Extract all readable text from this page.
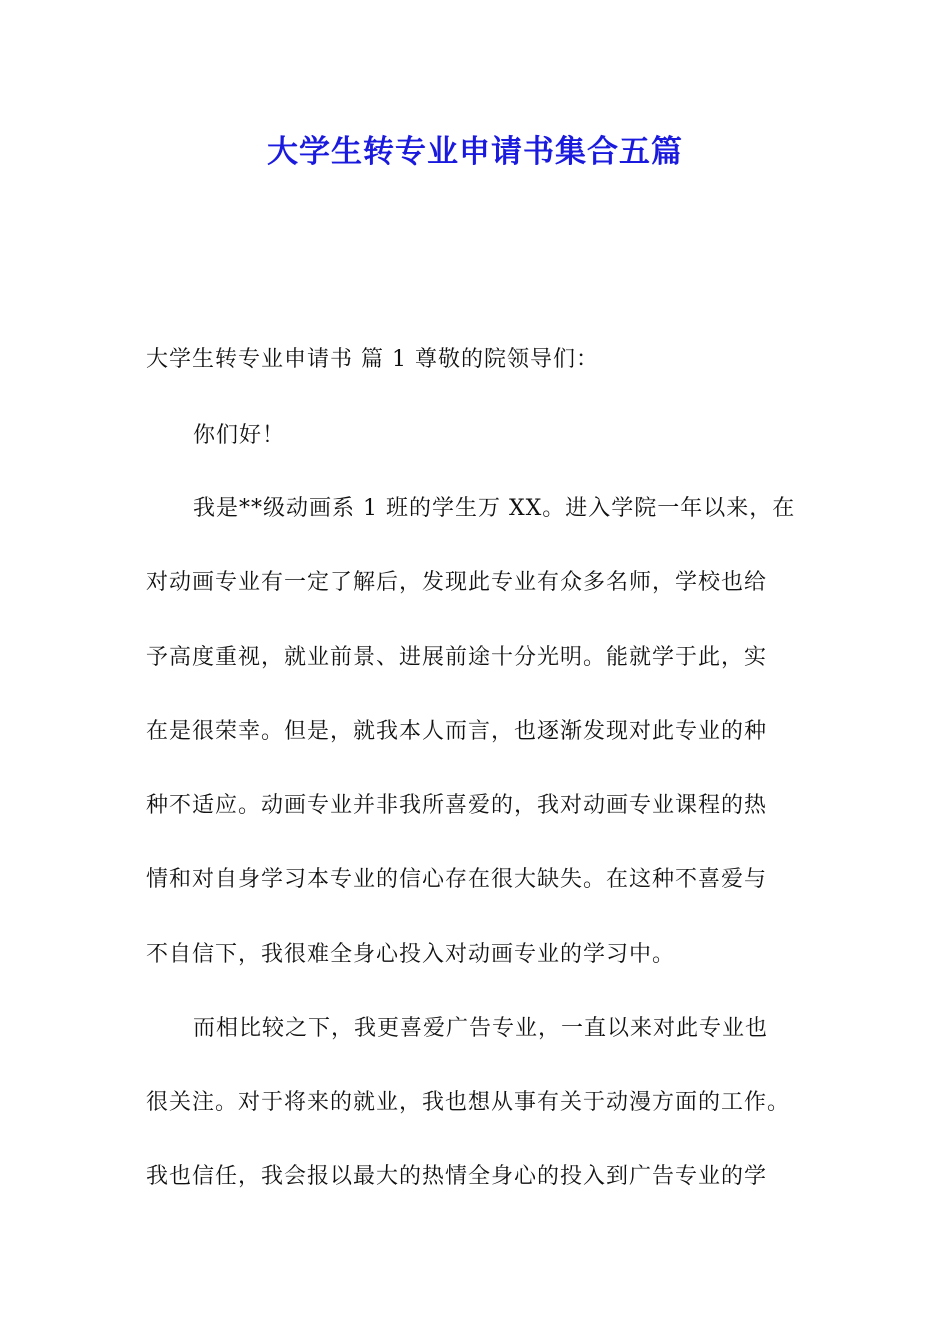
大学生转专业申请书集合五篇

大学生转专业申请书 篇 1 尊敬的院领导们：

你们好！

我是**级动画系 1 班的学生万 XX。进入学院一年以来，在

对动画专业有一定了解后，发现此专业有众多名师，学校也给

予高度重视，就业前景、进展前途十分光明。能就学于此，实

在是很荣幸。但是，就我本人而言，也逐渐发现对此专业的种

种不适应。动画专业并非我所喜爱的，我对动画专业课程的热

情和对自身学习本专业的信心存在很大缺失。在这种不喜爱与

不自信下，我很难全身心投入对动画专业的学习中。

而相比较之下，我更喜爱广告专业，一直以来对此专业也

很关注。对于将来的就业，我也想从事有关于动漫方面的工作。

我也信任，我会报以最大的热情全身心的投入到广告专业的学
